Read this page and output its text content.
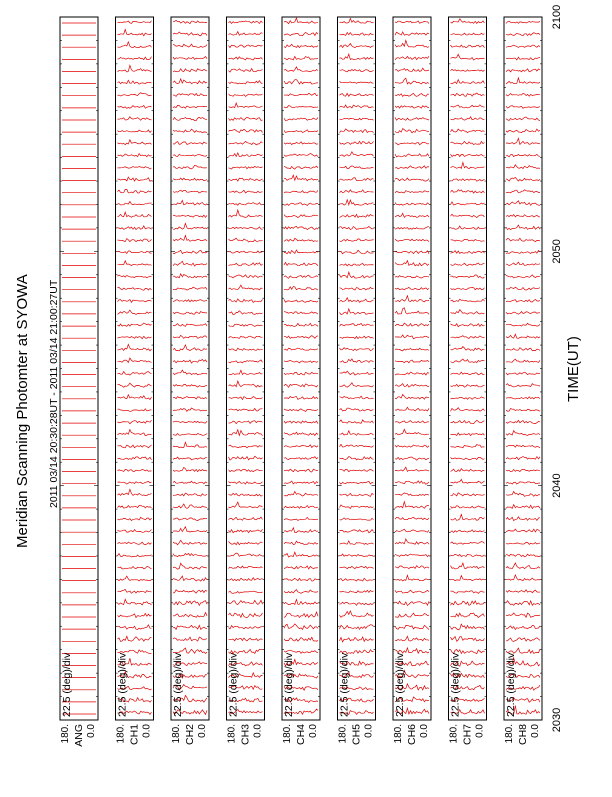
Meridian Scanning Photomter at SYOWA 2011 03/14 20:30:28UT - 2011 03/14 21:00:27UT	TIME(UT)
22.5 (deg)/div
180. 0.0
ANG
22.5 (deg)/div
180. 0.0
CH1
22.5 (deg)/div
180. 0.0
CH2
22.5 (deg)/div
180. 0.0
CH3
22.5 (deg)/div
180. 0.0
CH4
22.5 (deg)/div
180. 0.0
CH5
22.5 (deg)/div
180. 0.0
CH6
22.5 (deg)/div
180. 0.0
CH7
22.5 (deg)/div
180. 0.0
CH8
2030
2040
2050
2100
